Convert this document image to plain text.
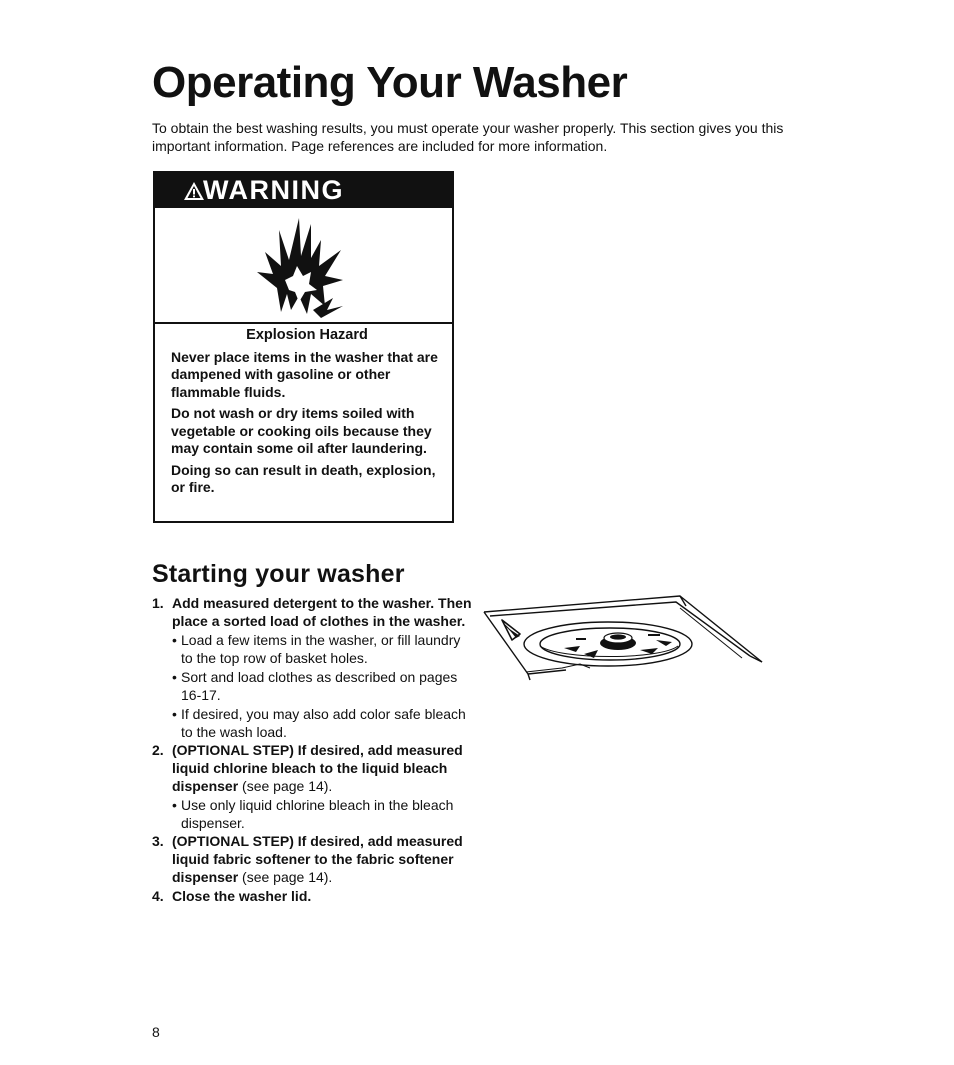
Operating Your Washer

To obtain the best washing results, you must operate your washer properly. This section gives you this important information. Page references are included for more information.

WARNING

Explosion Hazard

Never place items in the washer that are dampened with gasoline or other flammable fluids.

Do not wash or dry items soiled with vegetable or cooking oils because they may contain some oil after laundering.

Doing so can result in death, explosion, or fire.

Starting your washer
1. Add measured detergent to the washer. Then place a sorted load of clothes in the washer.
• Load a few items in the washer, or fill laundry to the top row of basket holes.
• Sort and load clothes as described on pages 16-17.
• If desired, you may also add color safe bleach to the wash load.
2. (OPTIONAL STEP) If desired, add measured liquid chlorine bleach to the liquid bleach dispenser (see page 14).
• Use only liquid chlorine bleach in the bleach dispenser.
3. (OPTIONAL STEP) If desired, add measured liquid fabric softener to the fabric softener dispenser (see page 14).
4. Close the washer lid.

8
